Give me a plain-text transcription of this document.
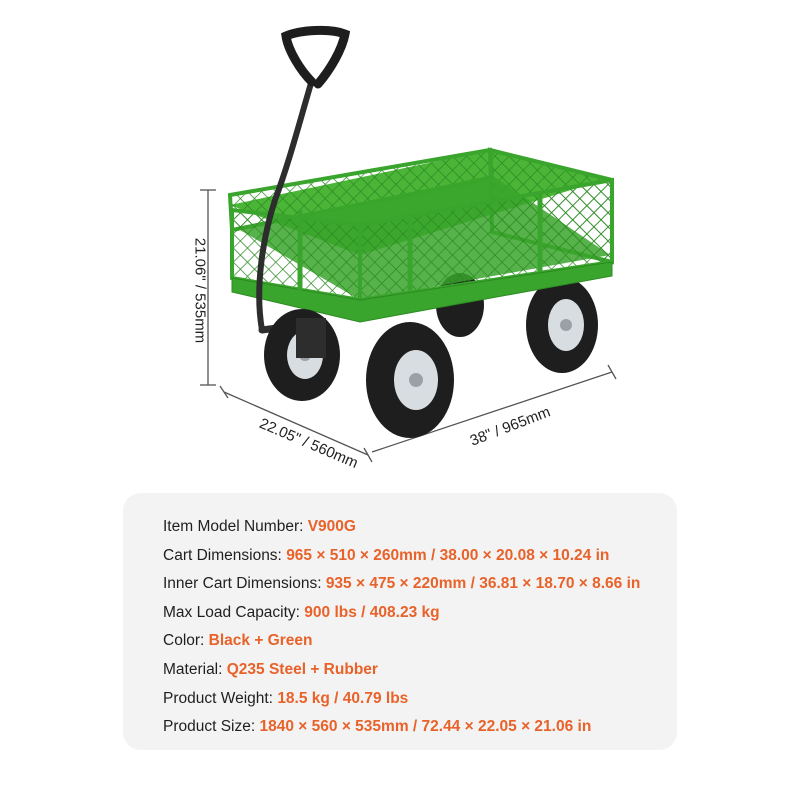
21.06" / 535mm
22.05" / 560mm	38" / 965mm
Item Model Number: V900G
Cart Dimensions: 965 × 510 × 260mm / 38.00 × 20.08 × 10.24 in
Inner Cart Dimensions: 935 × 475 × 220mm / 36.81 × 18.70 × 8.66 in
Max Load Capacity: 900 lbs / 408.23 kg
Color: Black + Green
Material: Q235 Steel + Rubber
Product Weight: 18.5 kg / 40.79 lbs
Product Size: 1840 × 560 × 535mm / 72.44 × 22.05 × 21.06 in
